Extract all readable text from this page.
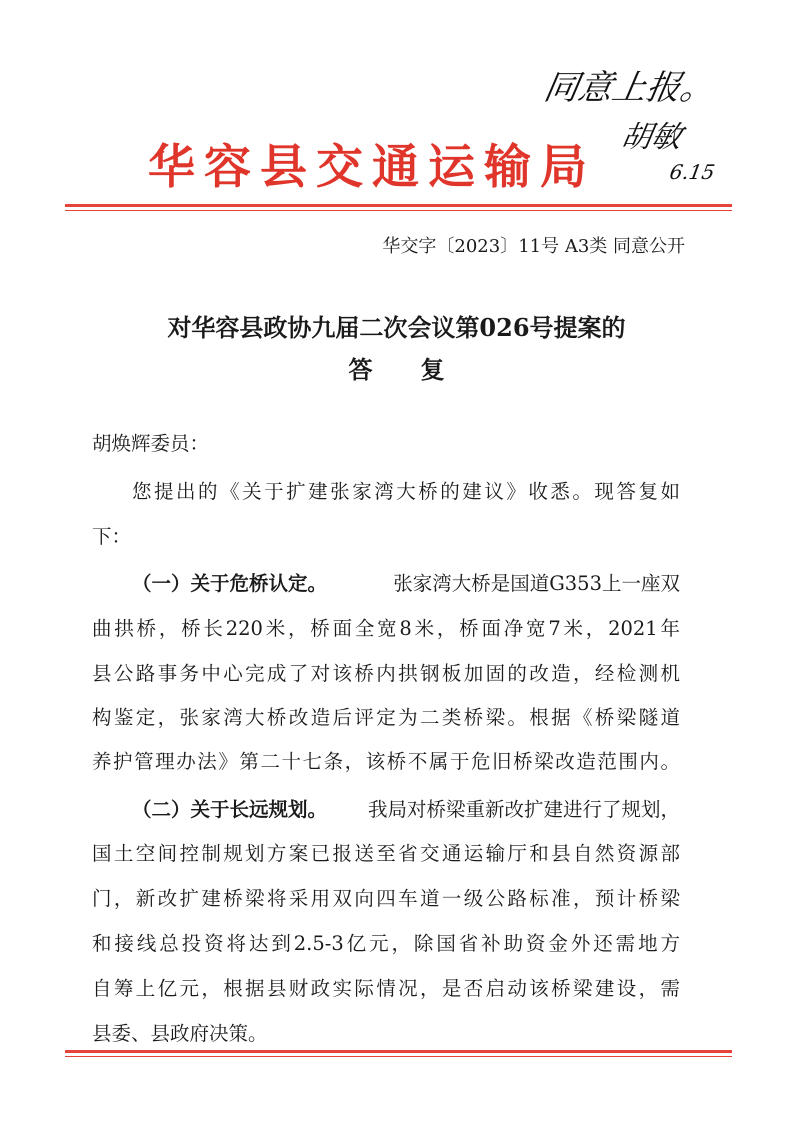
华容县交通运输局
同意上报。
胡敏
6.15
华交字〔2023〕11号 A3类 同意公开
对华容县政协九届二次会议第026号提案的
答　　复
胡焕辉委员：
您提出的《关于扩建张家湾大桥的建议》收悉。现答复如
下：
（一）关于危桥认定。	张家湾大桥是国道G353上一座双
曲拱桥，桥长220米，桥面全宽8米，桥面净宽7米，2021年
县公路事务中心完成了对该桥内拱钢板加固的改造，经检测机
构鉴定，张家湾大桥改造后评定为二类桥梁。根据《桥梁隧道
养护管理办法》第二十七条，该桥不属于危旧桥梁改造范围内。
（二）关于长远规划。 我局对桥梁重新改扩建进行了规划，
国土空间控制规划方案已报送至省交通运输厅和县自然资源部
门，新改扩建桥梁将采用双向四车道一级公路标准，预计桥梁
和接线总投资将达到2.5-3亿元，除国省补助资金外还需地方
自筹上亿元，根据县财政实际情况，是否启动该桥梁建设，需
县委、县政府决策。
